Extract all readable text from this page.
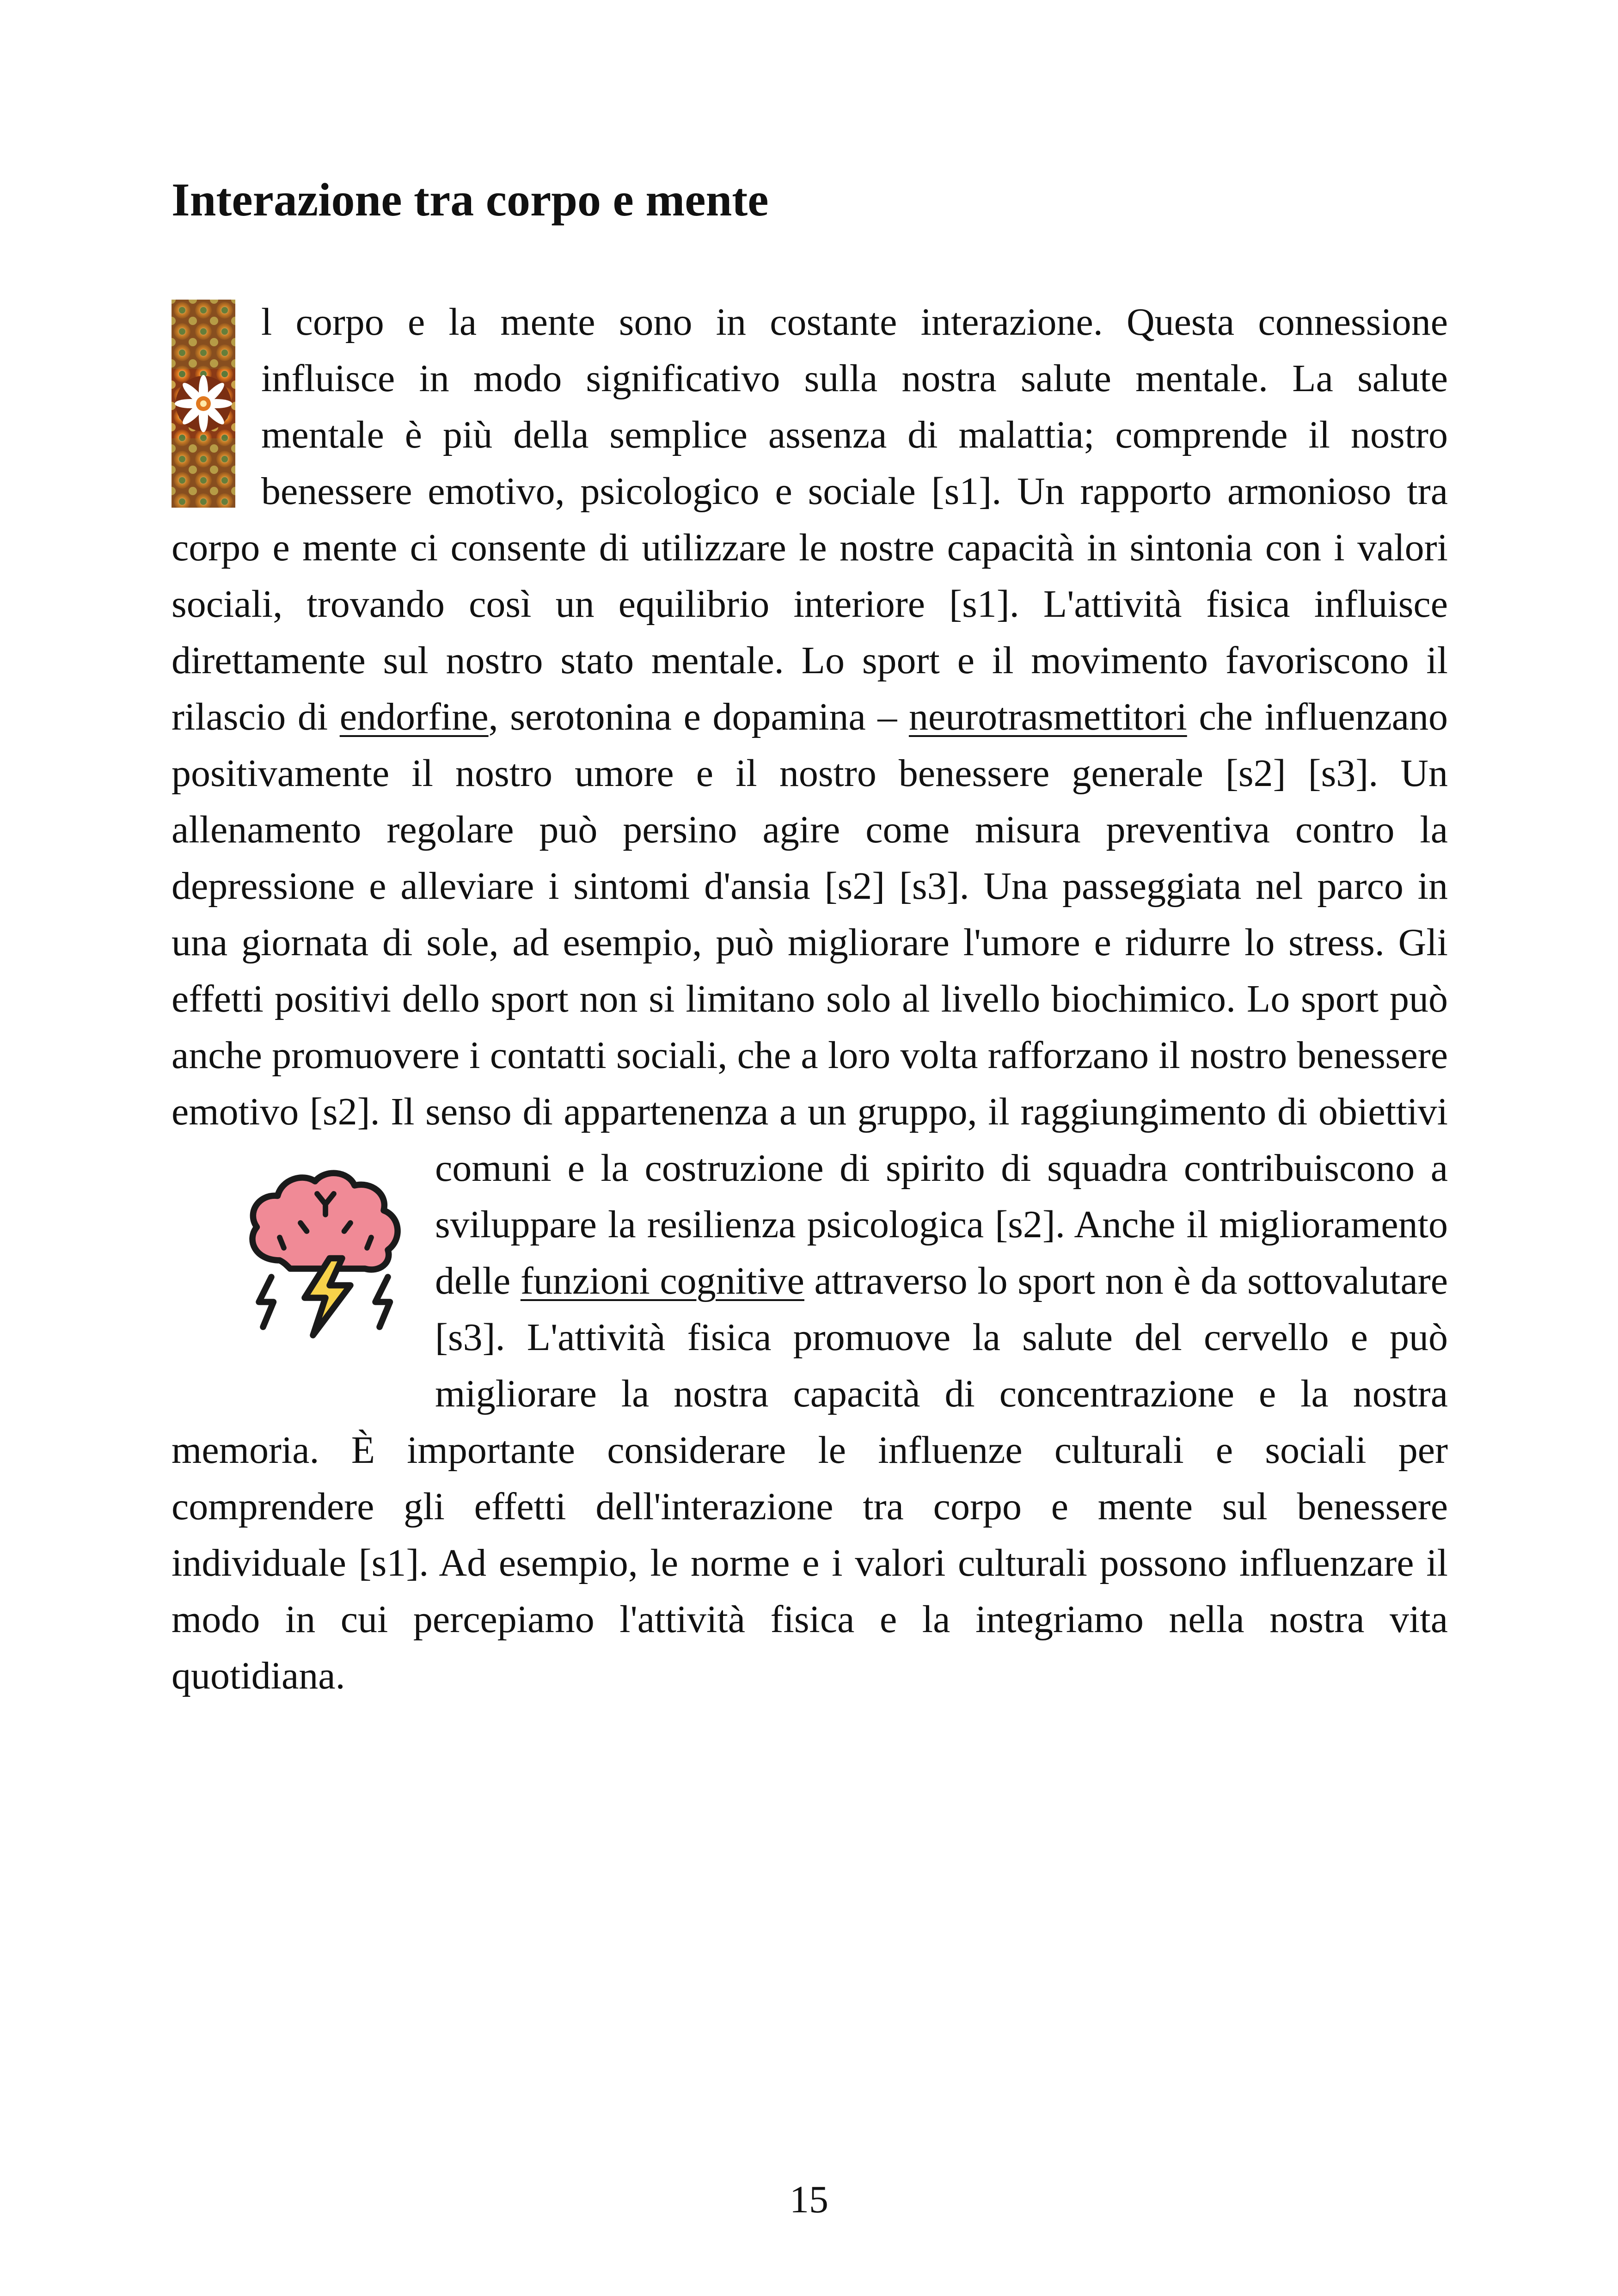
Interazione tra corpo e mente

l corpo e la mente sono in costante interazione. Questa connessione influisce in modo significativo sulla nostra salute mentale. La salute mentale è più della semplice assenza di malattia; comprende il nostro benessere emotivo, psicologico e sociale [s1]. Un rapporto armonioso tra corpo e mente ci consente di utilizzare le nostre capacità in sintonia con i valori sociali, trovando così un equilibrio interiore [s1]. L'attività fisica influisce direttamente sul nostro stato mentale. Lo sport e il movimento favoriscono il rilascio di endorfine, serotonina e dopamina – neurotrasmettitori che influenzano positivamente il nostro umore e il nostro benessere generale [s2] [s3]. Un allenamento regolare può persino agire come misura preventiva contro la depressione e alleviare i sintomi d'ansia [s2] [s3]. Una passeggiata nel parco in una giornata di sole, ad esempio, può migliorare l'umore e ridurre lo stress. Gli effetti positivi dello sport non si limitano solo al livello biochimico. Lo sport può anche promuovere i contatti sociali, che a loro volta rafforzano il nostro benessere emotivo [s2]. Il senso di appartenenza a un gruppo, il
raggiungimento di obiettivi comuni e la costruzione di spirito di squadra contribuiscono a sviluppare la resilienza psicologica [s2]. Anche il miglioramento delle funzioni cognitive attraverso lo sport non è da sottovalutare [s3]. L'attività fisica promuove la salute del cervello e può migliorare la nostra capacità di concentrazione e la nostra memoria. È importante considerare le influenze culturali e sociali per comprendere gli effetti dell'interazione tra corpo e mente sul benessere individuale [s1]. Ad esempio, le norme e i valori culturali possono influenzare il modo in cui percepiamo l'attività fisica e la integriamo nella nostra vita quotidiana.

15
